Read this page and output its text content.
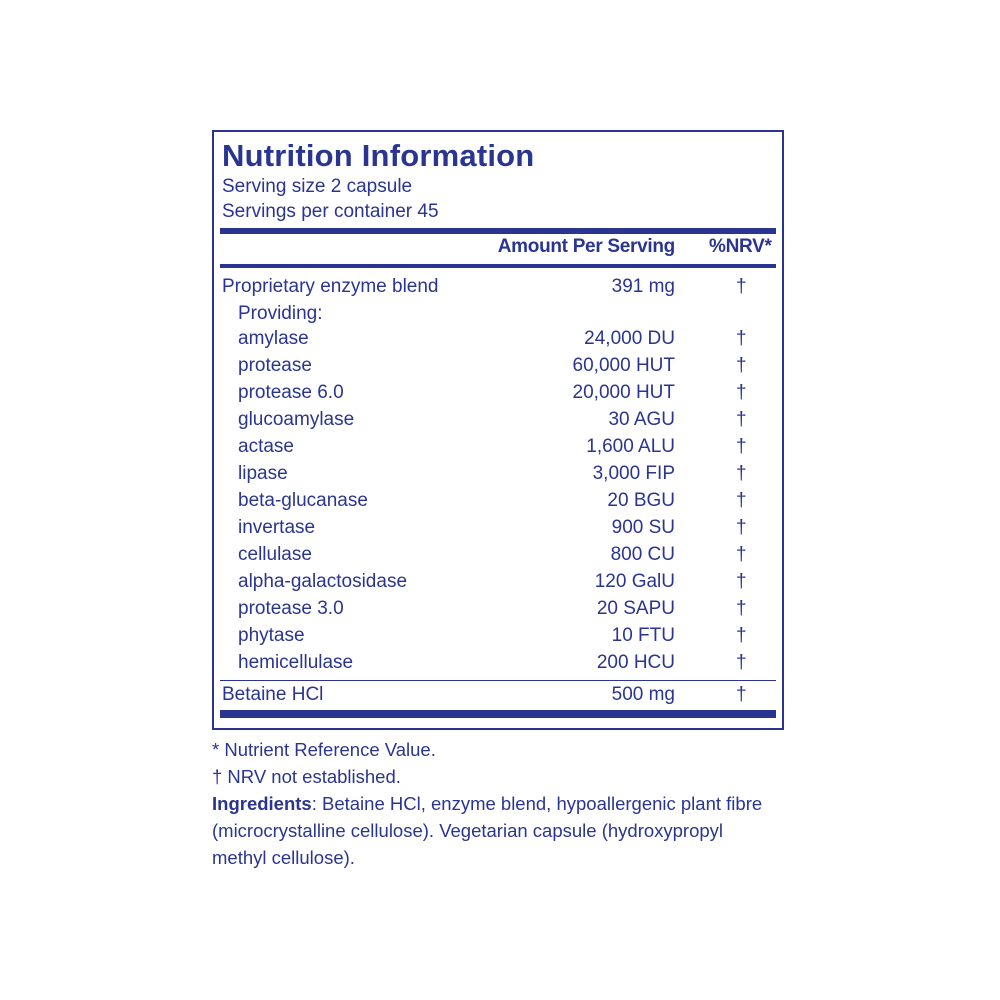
Nutrition Information
Serving size 2 capsule
Servings per container 45
Amount Per Serving %NRV*
Proprietary enzyme blend	391 mg	†
Providing:
amylase	24,000 DU	†
protease	60,000 HUT	†
protease 6.0	20,000 HUT	†
glucoamylase	30 AGU	†
actase	1,600 ALU	†
lipase	3,000 FIP	†
beta-glucanase	20 BGU	†
invertase	900 SU	†
cellulase	800 CU	†
alpha-galactosidase	120 GalU	†
protease 3.0	20 SAPU	†
phytase	10 FTU	†
hemicellulase	200 HCU	†
Betaine HCl	500 mg	†

* Nutrient Reference Value.

† NRV not established.

Ingredients: Betaine HCl, enzyme blend, hypoallergenic plant fibre (microcrystalline cellulose). Vegetarian capsule (hydroxypropyl methyl cellulose).
